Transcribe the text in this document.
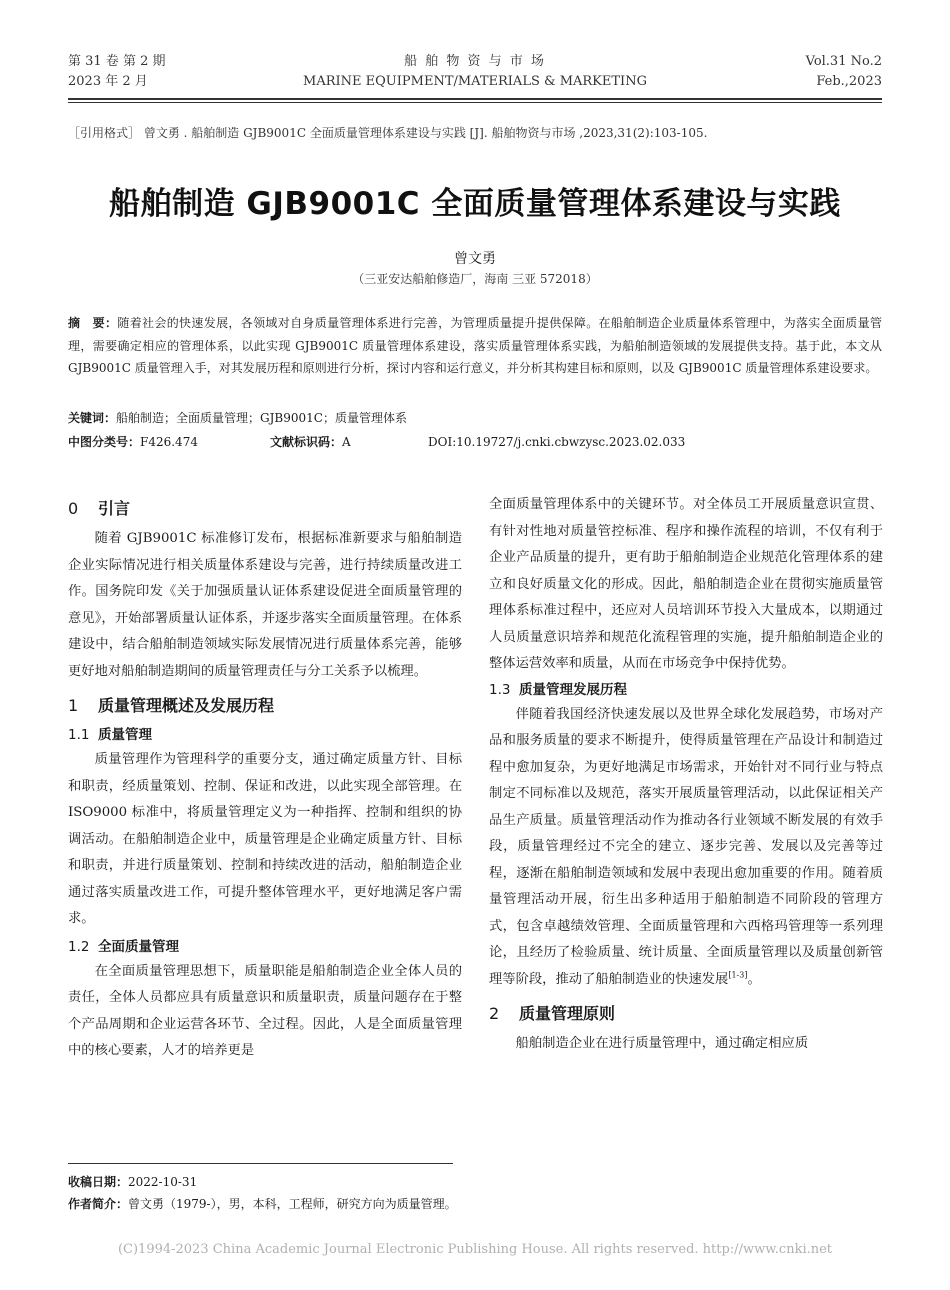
第 31 卷 第 2 期
2023 年 2 月
船 舶 物 资 与 市 场
MARINE EQUIPMENT/MATERIALS & MARKETING
Vol.31 No.2
Feb.,2023
［引用格式］ 曾文勇 . 船舶制造 GJB9001C 全面质量管理体系建设与实践 [J]. 船舶物资与市场 ,2023,31(2):103-105.
船舶制造 GJB9001C 全面质量管理体系建设与实践
曾文勇
（三亚安达船舶修造厂，海南 三亚 572018）
摘　要：随着社会的快速发展，各领域对自身质量管理体系进行完善，为管理质量提升提供保障。在船舶制造企业质量体系管理中，为落实全面质量管理，需要确定相应的管理体系，以此实现 GJB9001C 质量管理体系建设，落实质量管理体系实践，为船舶制造领域的发展提供支持。基于此，本文从 GJB9001C 质量管理入手，对其发展历程和原则进行分析，探讨内容和运行意义，并分析其构建目标和原则，以及 GJB9001C 质量管理体系建设要求。
关键词：船舶制造；全面质量管理；GJB9001C；质量管理体系
中图分类号：F426.474	文献标识码：A	DOI:10.19727/j.cnki.cbwzysc.2023.02.033
0 引言

随着 GJB9001C 标准修订发布，根据标准新要求与船舶制造企业实际情况进行相关质量体系建设与完善，进行持续质量改进工作。国务院印发《关于加强质量认证体系建设促进全面质量管理的意见》，开始部署质量认证体系，并逐步落实全面质量管理。在体系建设中，结合船舶制造领域实际发展情况进行质量体系完善，能够更好地对船舶制造期间的质量管理责任与分工关系予以梳理。

1 质量管理概述及发展历程
1.1 质量管理

质量管理作为管理科学的重要分支，通过确定质量方针、目标和职责，经质量策划、控制、保证和改进，以此实现全部管理。在 ISO9000 标准中，将质量管理定义为一种指挥、控制和组织的协调活动。在船舶制造企业中，质量管理是企业确定质量方针、目标和职责，并进行质量策划、控制和持续改进的活动，船舶制造企业通过落实质量改进工作，可提升整体管理水平，更好地满足客户需求。

1.2 全面质量管理

在全面质量管理思想下，质量职能是船舶制造企业全体人员的责任，全体人员都应具有质量意识和质量职责，质量问题存在于整个产品周期和企业运营各环节、全过程。因此，人是全面质量管理中的核心要素，人才的培养更是

全面质量管理体系中的关键环节。对全体员工开展质量意识宣贯、有针对性地对质量管控标准、程序和操作流程的培训，不仅有利于企业产品质量的提升，更有助于船舶制造企业规范化管理体系的建立和良好质量文化的形成。因此，船舶制造企业在贯彻实施质量管理体系标准过程中，还应对人员培训环节投入大量成本，以期通过人员质量意识培养和规范化流程管理的实施，提升船舶制造企业的整体运营效率和质量，从而在市场竞争中保持优势。

1.3 质量管理发展历程

伴随着我国经济快速发展以及世界全球化发展趋势，市场对产品和服务质量的要求不断提升，使得质量管理在产品设计和制造过程中愈加复杂，为更好地满足市场需求，开始针对不同行业与特点制定不同标准以及规范，落实开展质量管理活动，以此保证相关产品生产质量。质量管理活动作为推动各行业领域不断发展的有效手段，质量管理经过不完全的建立、逐步完善、发展以及完善等过程，逐渐在船舶制造领域和发展中表现出愈加重要的作用。随着质量管理活动开展，衍生出多种适用于船舶制造不同阶段的管理方式，包含卓越绩效管理、全面质量管理和六西格玛管理等一系列理论，且经历了检验质量、统计质量、全面质量管理以及质量创新管理等阶段，推动了船舶制造业的快速发展[1-3]。

2 质量管理原则

船舶制造企业在进行质量管理中，通过确定相应质

收稿日期：2022-10-31
作者简介：曾文勇（1979-），男，本科，工程师，研究方向为质量管理。
(C)1994-2023 China Academic Journal Electronic Publishing House. All rights reserved. http://www.cnki.net
